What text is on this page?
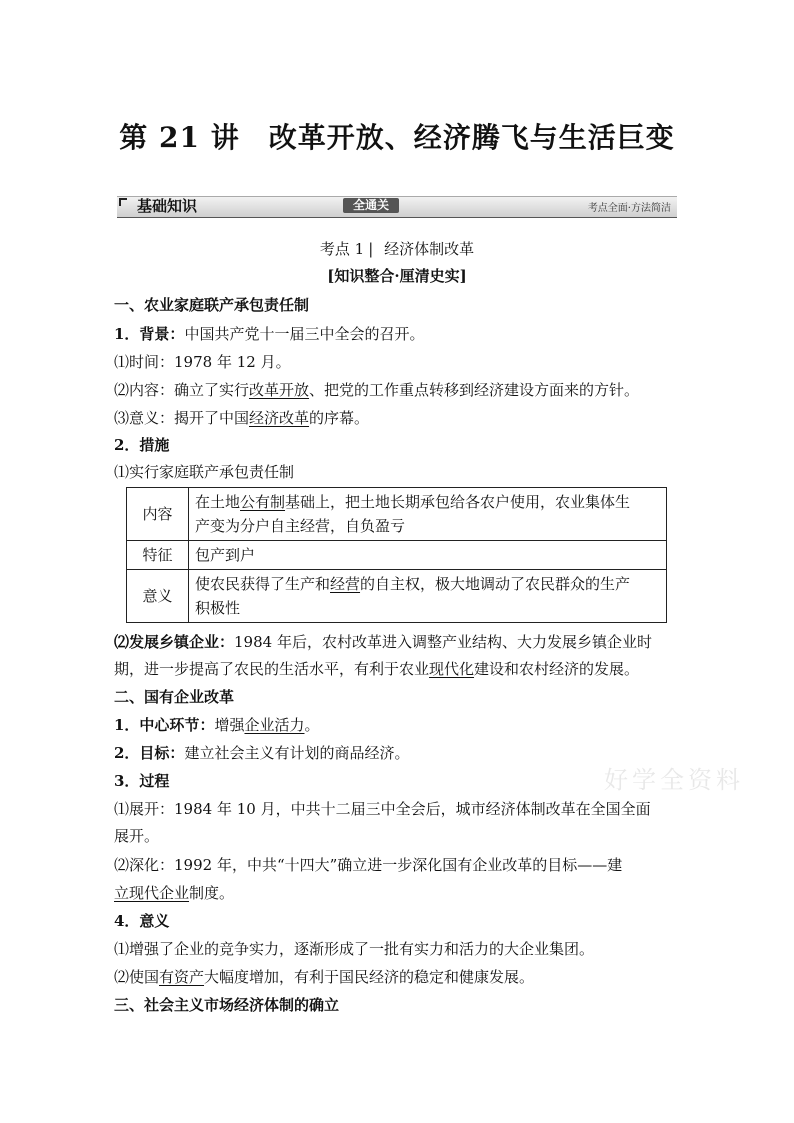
第 21 讲　改革开放、经济腾飞与生活巨变
基础知识	全通关	考点全面·方法简洁
考点 1 | 经济体制改革
[知识整合·厘清史实]
一、农业家庭联产承包责任制
1．背景：中国共产党十一届三中全会的召开。
⑴时间：1978 年 12 月。
⑵内容：确立了实行改革开放、把党的工作重点转移到经济建设方面来的方针。
⑶意义：揭开了中国经济改革的序幕。
2．措施
⑴实行家庭联产承包责任制
内容	在土地公有制基础上，把土地长期承包给各农户使用，农业集体生
产变为分户自主经营，自负盈亏
特征	包产到户
意义	使农民获得了生产和经营的自主权，极大地调动了农民群众的生产
积极性
⑵发展乡镇企业：1984 年后，农村改革进入调整产业结构、大力发展乡镇企业时
期，进一步提高了农民的生活水平，有利于农业现代化建设和农村经济的发展。
二、国有企业改革
1．中心环节：增强企业活力。
2．目标：建立社会主义有计划的商品经济。
3．过程
⑴展开：1984 年 10 月，中共十二届三中全会后，城市经济体制改革在全国全面
展开。
⑵深化：1992 年，中共“十四大”确立进一步深化国有企业改革的目标——建
立现代企业制度。
4．意义
⑴增强了企业的竞争实力，逐渐形成了一批有实力和活力的大企业集团。
⑵使国有资产大幅度增加，有利于国民经济的稳定和健康发展。
三、社会主义市场经济体制的确立
好学全资料
